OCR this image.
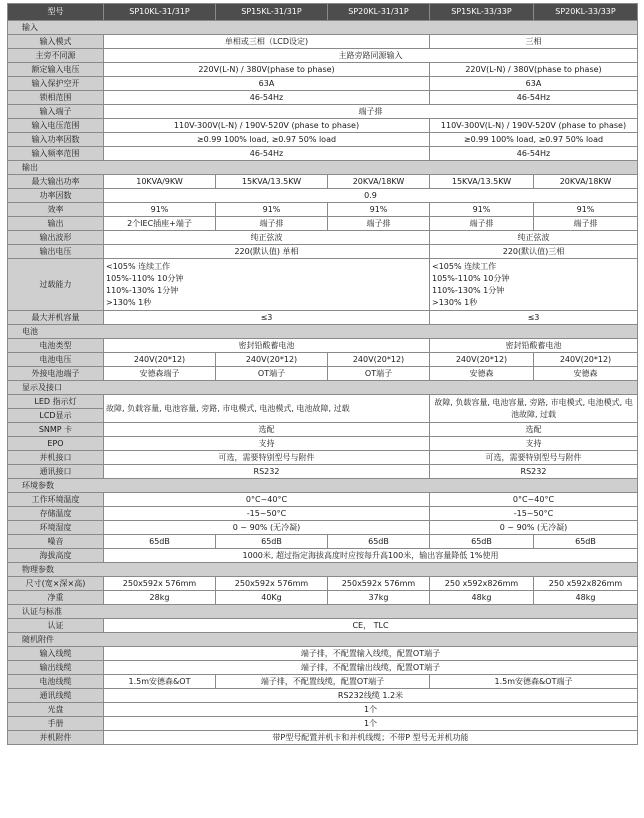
型号	SP10KL-31/31P	SP15KL-31/31P	SP20KL-31/31P	SP15KL-33/33P	SP20KL-33/33P
输入					
输入模式	单相或三相（LCD设定)			三相	
主旁不同源	主路旁路同源输入				
额定输入电压	220V(L-N) / 380V(phase to phase)			220V(L-N) / 380V(phase to phase)	
输入保护空开	63A			63A	
锁相范围	46-54Hz			46-54Hz	
输入端子	端子排				
输入电压范围	110V-300V(L-N) / 190V-520V (phase to phase)			110V-300V(L-N) / 190V-520V (phase to phase)	
输入功率因数	≥0.99 100% load, ≥0.97 50% load			≥0.99 100% load, ≥0.97 50% load	
输入频率范围	46-54Hz			46-54Hz	
输出					
最大输出功率	10KVA/9KW	15KVA/13.5KW	20KVA/18KW	15KVA/13.5KW	20KVA/18KW
功率因数	0.9				
效率	91%	91%	91%	91%	91%
输出	2个IEC插座+端子	端子排	端子排	端子排	端子排
输出波形	纯正弦波			纯正弦波	
输出电压	220(默认值) 单相			220(默认值)三相	
过载能力	<105% 连续工作
105%-110% 10分钟
110%-130% 1分钟
>130% 1秒			<105% 连续工作
105%-110% 10分钟
110%-130% 1分钟
>130% 1秒	
最大并机容量	≤3			≤3	
电池					
电池类型	密封铅酸蓄电池			密封铅酸蓄电池	
电池电压	240V(20*12)	240V(20*12)	240V(20*12)	240V(20*12)	240V(20*12)
外接电池端子	安德森端子	OT端子	OT端子	安德森	安德森
显示及接口					
LED 指示灯	故障, 负载容量, 电池容量, 旁路, 市电模式, 电池模式, 电池故障, 过载			故障, 负载容量, 电池容量, 旁路, 市电模式, 电池模式, 电池故障, 过载	
LCD显示					
SNMP 卡	选配			选配	
EPO	支持			支持	
并机接口	可选，需要特别型号与附件			可选，需要特别型号与附件	
通讯接口	RS232			RS232	
环境参数					
工作环境温度	0°C~40°C			0°C~40°C	
存储温度	-15~50°C			-15~50°C	
环境湿度	0 ~ 90% (无冷凝)			0 ~ 90% (无冷凝)	
噪音	65dB	65dB	65dB	65dB	65dB
海拔高度	1000米, 超过指定海拔高度时应按每升高100米，输出容量降低 1%使用				
物理参数					
尺寸(宽×深×高)	250x592x 576mm	250x592x 576mm	250x592x 576mm	250 x592x826mm	250 x592x826mm
净重	28kg	40Kg	37kg	48kg	48kg
认证与标准					
认证	CE， TLC				
随机附件					
输入线缆	端子排，不配置输入线缆，配置OT端子				
输出线缆	端子排，不配置输出线缆，配置OT端子				
电池线缆	1.5m安德森&OT	端子排，不配置线缆，配置OT端子		1.5m安德森&OT端子	
通讯线缆	RS232线缆 1.2米				
光盘	1个				
手册	1个				
并机附件	带P型号配置并机卡和并机线缆；不带P 型号无并机功能				
